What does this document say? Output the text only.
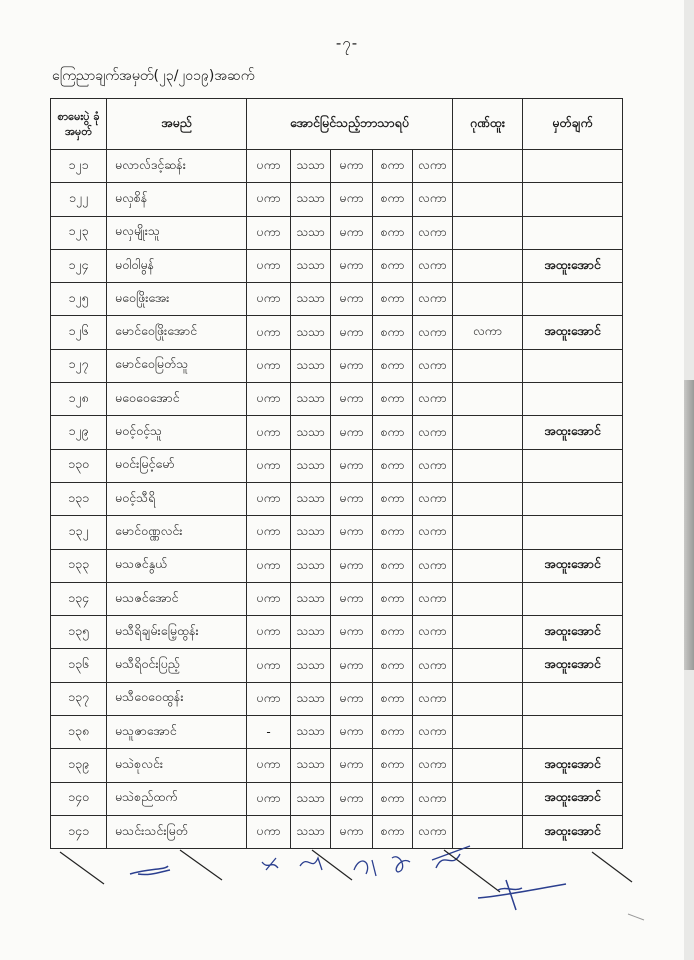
-၇-
ကြေညာချက်အမှတ်(၂၃/၂၀၁၉)အဆက်
စာမေးပွဲ ခုံအမှတ်	အမည်	အောင်မြင်သည့်ဘာသာရပ်					ဂုဏ်ထူး	မှတ်ချက်
၁၂၁	မလာလ်ဒင့်ဆန်း	ပကာ	သသာ	မကာ	စကာ	လကာ		
၁၂၂	မလှစိန်	ပကာ	သသာ	မကာ	စကာ	လကာ		
၁၂၃	မလှမျိုးသူ	ပကာ	သသာ	မကာ	စကာ	လကာ		
၁၂၄	မဝါဝါမွန်	ပကာ	သသာ	မကာ	စကာ	လကာ		အထူးအောင်
၁၂၅	မဝေဖြိုးအေး	ပကာ	သသာ	မကာ	စကာ	လကာ		
၁၂၆	မောင်ဝေဖြိုးအောင်	ပကာ	သသာ	မကာ	စကာ	လကာ	လကာ	အထူးအောင်
၁၂၇	မောင်ဝေမြတ်သူ	ပကာ	သသာ	မကာ	စကာ	လကာ		
၁၂၈	မဝေဝေအောင်	ပကာ	သသာ	မကာ	စကာ	လကာ		
၁၂၉	မဝင့်ဝင့်သူ	ပကာ	သသာ	မကာ	စကာ	လကာ		အထူးအောင်
၁၃၀	မဝင်းမြင့်မော်	ပကာ	သသာ	မကာ	စကာ	လကာ		
၁၃၁	မဝင့်သီရိ	ပကာ	သသာ	မကာ	စကာ	လကာ		
၁၃၂	မောင်ဝဏ္ဏလင်း	ပကာ	သသာ	မကာ	စကာ	လကာ		
၁၃၃	မသဇင်နွယ်	ပကာ	သသာ	မကာ	စကာ	လကာ		အထူးအောင်
၁၃၄	မသဇင်အောင်	ပကာ	သသာ	မကာ	စကာ	လကာ		
၁၃၅	မသီရိချမ်းမြေ့ထွန်း	ပကာ	သသာ	မကာ	စကာ	လကာ		အထူးအောင်
၁၃၆	မသီရိဝင်းပြည့်	ပကာ	သသာ	မကာ	စကာ	လကာ		အထူးအောင်
၁၃၇	မသီဝေဝေထွန်း	ပကာ	သသာ	မကာ	စကာ	လကာ		
၁၃၈	မသူဇာအောင်	-	သသာ	မကာ	စကာ	လကာ		
၁၃၉	မသဲစုလင်း	ပကာ	သသာ	မကာ	စကာ	လကာ		အထူးအောင်
၁၄၀	မသဲစည်ထက်	ပကာ	သသာ	မကာ	စကာ	လကာ		အထူးအောင်
၁၄၁	မသင်းသင်းမြတ်	ပကာ	သသာ	မကာ	စကာ	လကာ		အထူးအောင်
